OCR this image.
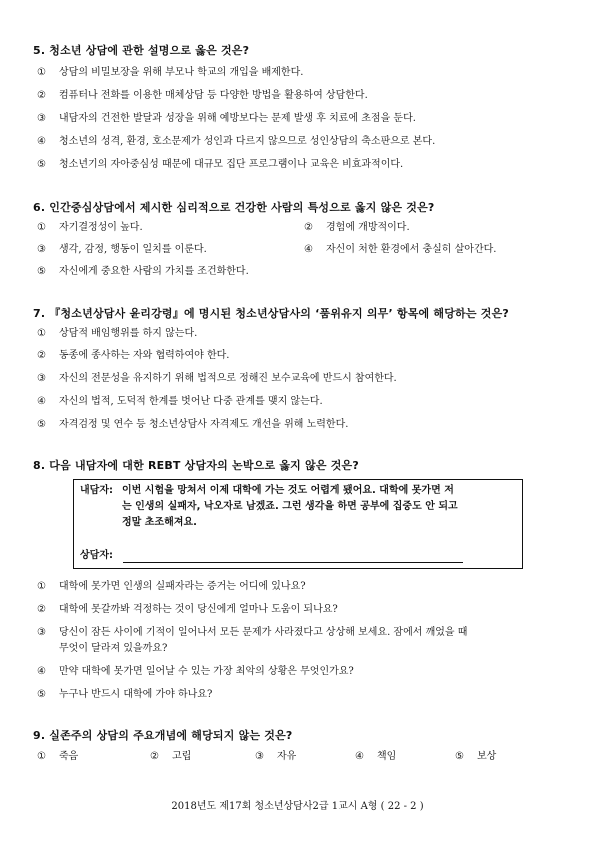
5. 청소년 상담에 관한 설명으로 옳은 것은?
① 상담의 비밀보장을 위해 부모나 학교의 개입을 배제한다.
② 컴퓨터나 전화를 이용한 매체상담 등 다양한 방법을 활용하여 상담한다.
③ 내담자의 건전한 발달과 성장을 위해 예방보다는 문제 발생 후 치료에 초점을 둔다.
④ 청소년의 성격, 환경, 호소문제가 성인과 다르지 않으므로 성인상담의 축소판으로 본다.
⑤ 청소년기의 자아중심성 때문에 대규모 집단 프로그램이나 교육은 비효과적이다.
6. 인간중심상담에서 제시한 심리적으로 건강한 사람의 특성으로 옳지 않은 것은?
① 자기결정성이 높다.	② 경험에 개방적이다.
③ 생각, 감정, 행동이 일치를 이룬다.	④ 자신이 처한 환경에서 충실히 살아간다.
⑤ 자신에게 중요한 사람의 가치를 조건화한다.
7. 『청소년상담사 윤리강령』에 명시된 청소년상담사의 ‘품위유지 의무’ 항목에 해당하는 것은?
① 상담적 배임행위를 하지 않는다.
② 동종에 종사하는 자와 협력하여야 한다.
③ 자신의 전문성을 유지하기 위해 법적으로 정해진 보수교육에 반드시 참여한다.
④ 자신의 법적, 도덕적 한계를 벗어난 다중 관계를 맺지 않는다.
⑤ 자격검정 및 연수 등 청소년상담사 자격제도 개선을 위해 노력한다.
8. 다음 내담자에 대한 REBT 상담자의 논박으로 옳지 않은 것은?
내담자: 이번 시험을 망쳐서 이제 대학에 가는 것도 어렵게 됐어요. 대학에 못가면 저
는 인생의 실패자, 낙오자로 남겠죠. 그런 생각을 하면 공부에 집중도 안 되고
정말 초조해져요.
상담자:
① 대학에 못가면 인생의 실패자라는 증거는 어디에 있나요?
② 대학에 못갈까봐 걱정하는 것이 당신에게 얼마나 도움이 되나요?
③ 당신이 잠든 사이에 기적이 일어나서 모든 문제가 사라졌다고 상상해 보세요. 잠에서 깨었을 때
무엇이 달라져 있을까요?
④ 만약 대학에 못가면 일어날 수 있는 가장 최악의 상황은 무엇인가요?
⑤ 누구나 반드시 대학에 가야 하나요?
9. 실존주의 상담의 주요개념에 해당되지 않는 것은?
① 죽음	② 고립	③ 자유	④ 책임	⑤ 보상
2018년도 제17회 청소년상담사2급 1교시 A형 ( 22 - 2 )
